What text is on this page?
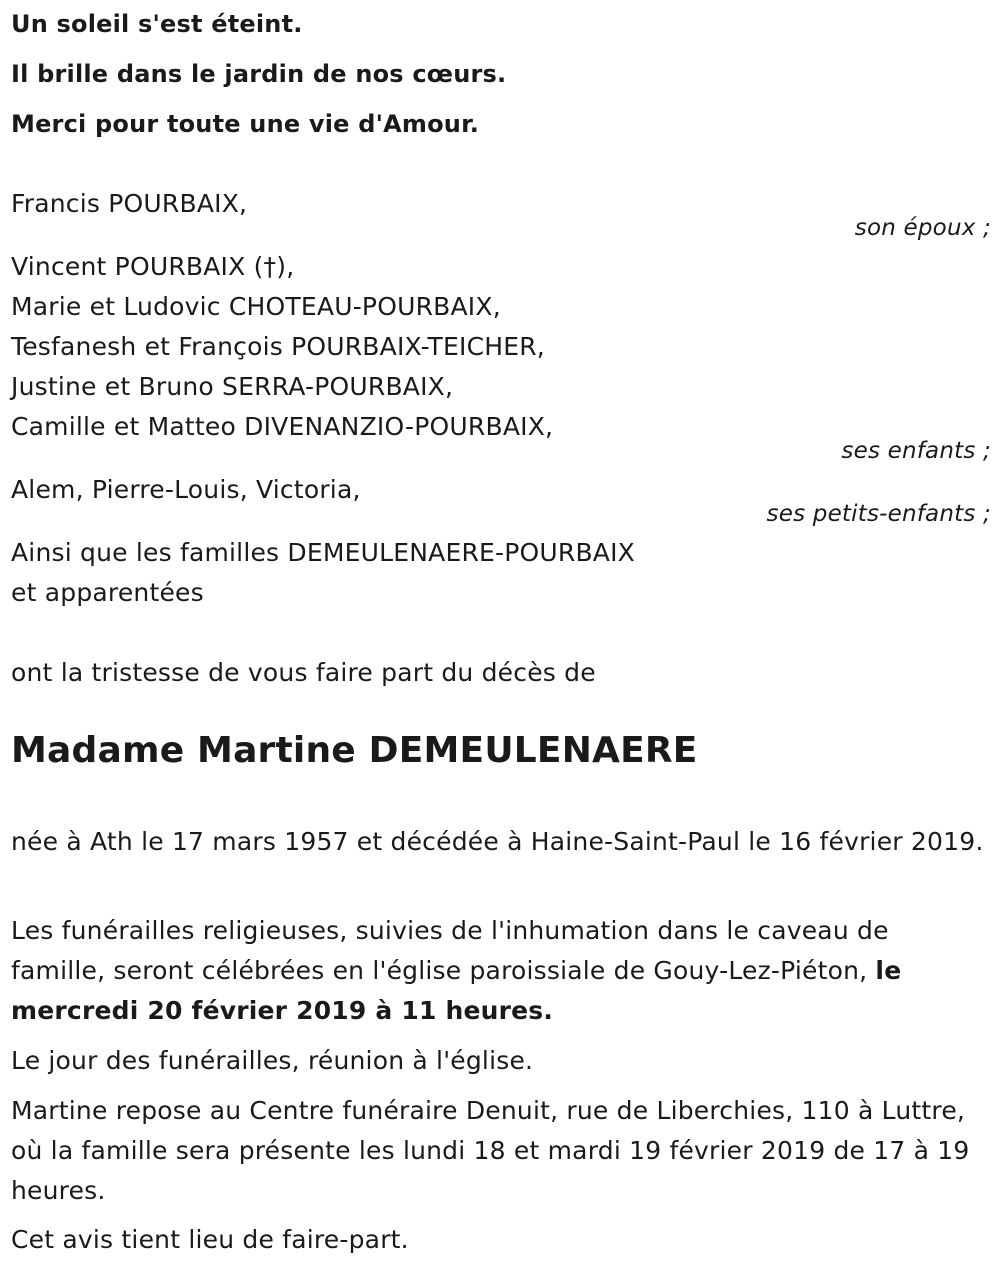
Un soleil s'est éteint.
Il brille dans le jardin de nos cœurs.
Merci pour toute une vie d'Amour.
Francis POURBAIX,
son époux ;
Vincent POURBAIX (†),
Marie et Ludovic CHOTEAU-POURBAIX,
Tesfanesh et François POURBAIX-TEICHER,
Justine et Bruno SERRA-POURBAIX,
Camille et Matteo DIVENANZIO-POURBAIX,
ses enfants ;
Alem, Pierre-Louis, Victoria,
ses petits-enfants ;
Ainsi que les familles DEMEULENAERE-POURBAIX
et apparentées
ont la tristesse de vous faire part du décès de
Madame Martine DEMEULENAERE
née à Ath le 17 mars 1957 et décédée à Haine-Saint-Paul le 16 février 2019.
Les funérailles religieuses, suivies de l'inhumation dans le caveau de famille, seront célébrées en l'église paroissiale de Gouy-Lez-Piéton, le mercredi 20 février 2019 à 11 heures.
Le jour des funérailles, réunion à l'église.
Martine repose au Centre funéraire Denuit, rue de Liberchies, 110 à Luttre, où la famille sera présente les lundi 18 et mardi 19 février 2019 de 17 à 19 heures.
Cet avis tient lieu de faire-part.
